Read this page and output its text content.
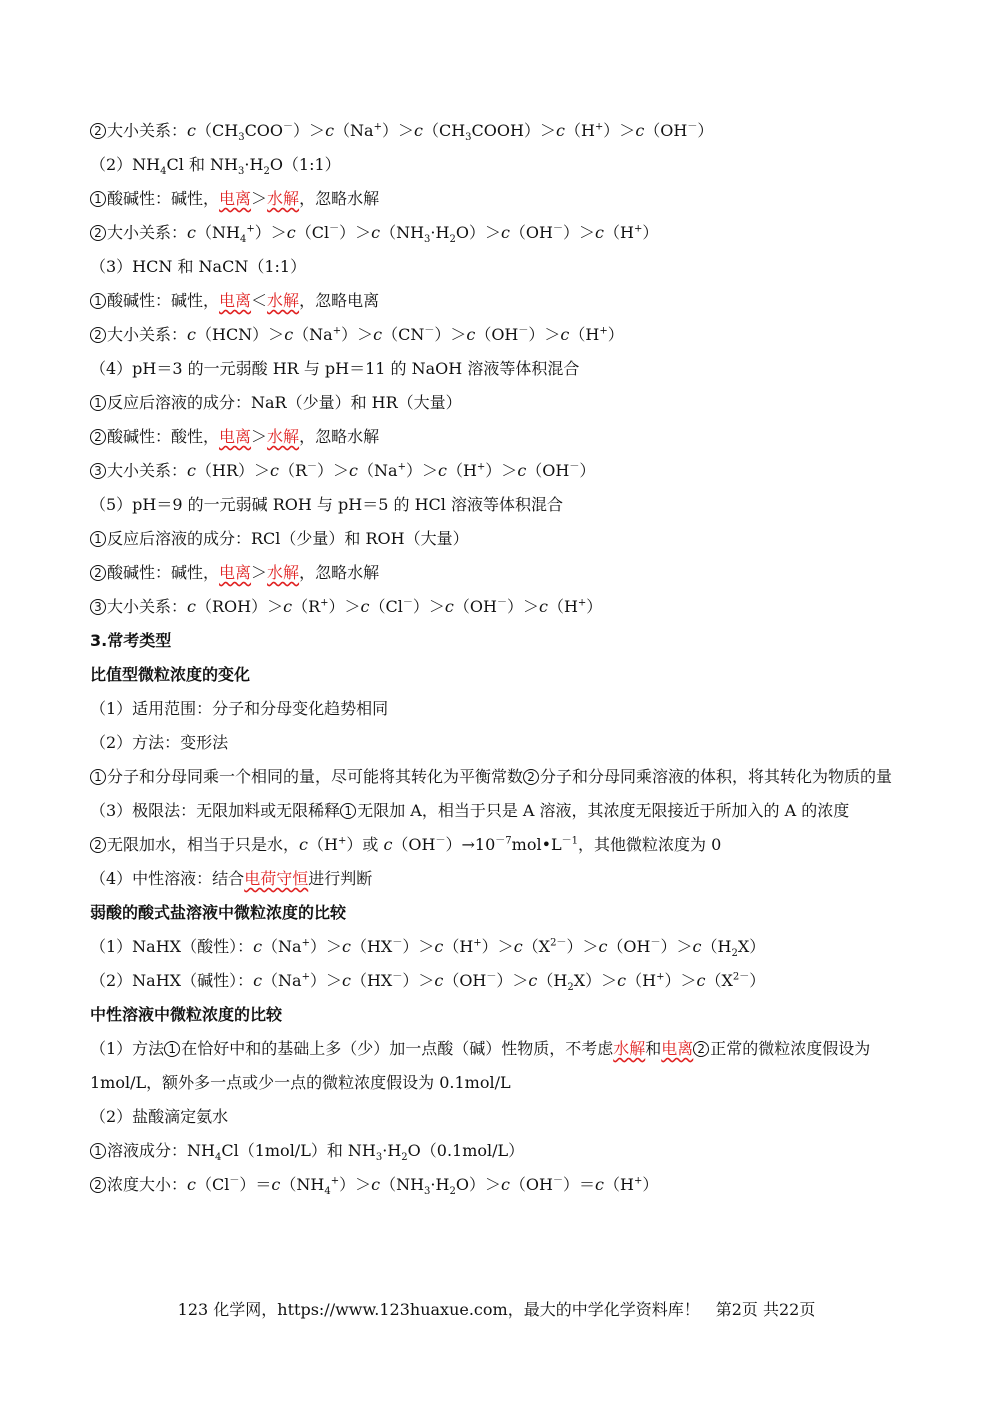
2 大小关系：$c(CH_3COO^-)>c(Na^+)>c(CH_3COOH)>c(H^+)>c(OH^-)$
$(2)NH_4Cl$ 和 $NH_3\cdot H_2O(1:1)$
1 酸碱性：碱性，电离＞水解，忽略水解
2 大小关系：$c(NH_4^+)>c(Cl^-)>c(NH_3\cdot H_2O)>c(OH^-)>c(H^+)$
（3）HCN 和 NaCN（1:1）
1 酸碱性：碱性，电离＜水解，忽略电离
2 大小关系：c（HCN）＞c（Na+）＞c（CN－）＞c（OH－）＞c（H+）
（4）pH＝3 的一元弱酸 HR 与 pH＝11 的 NaOH 溶液等体积混合
1 反应后溶液的成分：NaR（少量）和 HR（大量）
2 酸碱性：酸性，电离＞水解，忽略水解
3 大小关系：c（HR）＞c（R－）＞c（Na+）＞c（H+）＞c（OH－）
（5）pH＝9 的一元弱碱 ROH 与 pH＝5 的 HCl 溶液等体积混合
1 反应后溶液的成分：RCl（少量）和 ROH（大量）
2 酸碱性：碱性，电离＞水解，忽略水解
3 大小关系：c（ROH）＞c（R+）＞c（Cl－）＞c（OH－）＞c（H+）
3.常考类型
比值型微粒浓度的变化
（1）适用范围：分子和分母变化趋势相同
（2）方法：变形法
1 分子和分母同乘一个相同的量，尽可能将其转化为平衡常数 2 分子和分母同乘溶液的体积，将其转化为物质的量
（3）极限法：无限加料或无限稀释 1 无限加 A，相当于只是 A 溶液，其浓度无限接近于所加入的 A 的浓度
2 无限加水，相当于只是水，c（H+）或 $c(OH^-)\to 10^{-7}mol•L^{-1}$，其他微粒浓度为 0
（4）中性溶液：结合电荷守恒进行判断
弱酸的酸式盐溶液中微粒浓度的比较
（1）NaHX（酸性）：$c(Na^+)>c(HX^-)>c(H^+)>c(X^{2-})>c(OH^-)>c(H_2X)$
（2）NaHX（碱性）：$c(Na^+)>c(HX^-)>c(OH^-)>c(H_2X)>c(H^+)>c(X^{2-})$
中性溶液中微粒浓度的比较
（1）方法 1 在恰好中和的基础上多（少）加一点酸（碱）性物质，不考虑水解和电离 2 正常的微粒浓度假设为 1mol/L，额外多一点或少一点的微粒浓度假设为 0.1mol/L
（2）盐酸滴定氨水
1 溶液成分：$NH_4Cl(1mol/L)$和 $NH_3\cdot H_2O(0.1mol/L)$
2 浓度大小：$c(Cl^-)=c(NH_4^+)>c(NH_3\cdot H_2O)>c(OH^-)=c(H^+)$
123 化学网，https://www.123huaxue.com，最大的中学化学资料库！　第2页 共22页
